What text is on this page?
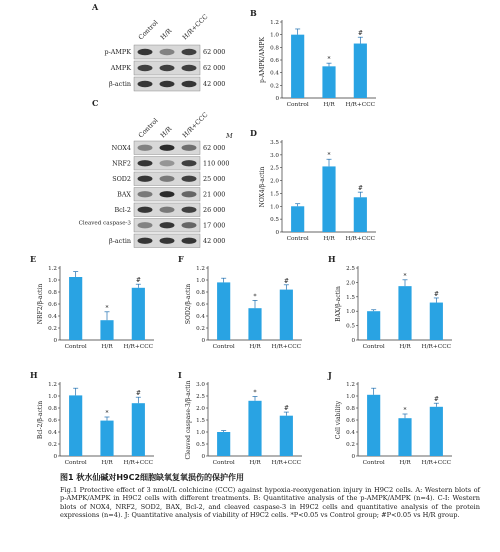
A
Control H/R H/R+CCC
p-AMPK	62 000
AMPK	62 000
β-actin	42 000
C
Control H/R H/R+CCC	M
NOX4	62 000
NRF2	110 000
SOD2	25 000
BAX	21 000
Bcl-2	26 000
Cleaved caspase-3	17 000
β-actin	42 000
B
0
0.2
0.4
0.6
0.8
1.0
1.2
p-AMPK/AMPK
Control
*
H/R
#
H/R+CCC
D
0
0.5
1.0
1.5
2.0
2.5
3.0
3.5
NOX4/β-actin
Control
*
H/R
#
H/R+CCC
E
0
0.2
0.4
0.6
0.8
1.0
1.2
NRF2/β-actin
Control
*
H/R
#
H/R+CCC
F
0
0.2
0.4
0.6
0.8
1.0
1.2
SOD2/β-actin
Control
*
H/R
#
H/R+CCC
H
0
0.5
1.0
1.5
2.0
2.5
BAX/β-actin
Control
*
H/R
#
H/R+CCC
H
0
0.2
0.4
0.6
0.8
1.0
1.2
Bcl-2/β-actin
Control
*
H/R
#
H/R+CCC
I
0
0.5
1.0
1.5
2.0
2.5
3.0
Cleaved caspase-3/β-actin
Control
*
H/R
#
H/R+CCC
J
0
0.2
0.4
0.6
0.8
1.0
1.2
Cell viability
Control
*
H/R
#
H/R+CCC
图1 秋水仙碱对H9C2细胞缺氧复氧损伤的保护作用
Fig.1 Protective effect of 3 nmol/L colchicine (CCC) against hypoxia-reoxygenation injury in H9C2 cells. A: Western blots of p-AMPK/AMPK in H9C2 cells with different treatments. B: Quantitative analysis of the p-AMPK/AMPK (n=4). C-I: Western blots of NOX4, NRF2, SOD2, BAX, Bcl-2, and cleaved caspase-3 in H9C2 cells and quantitative analysis of the protein expressions (n=4). J: Quantitative analysis of viability of H9C2 cells. *P<0.05 vs Control group; #P<0.05 vs H/R group.
